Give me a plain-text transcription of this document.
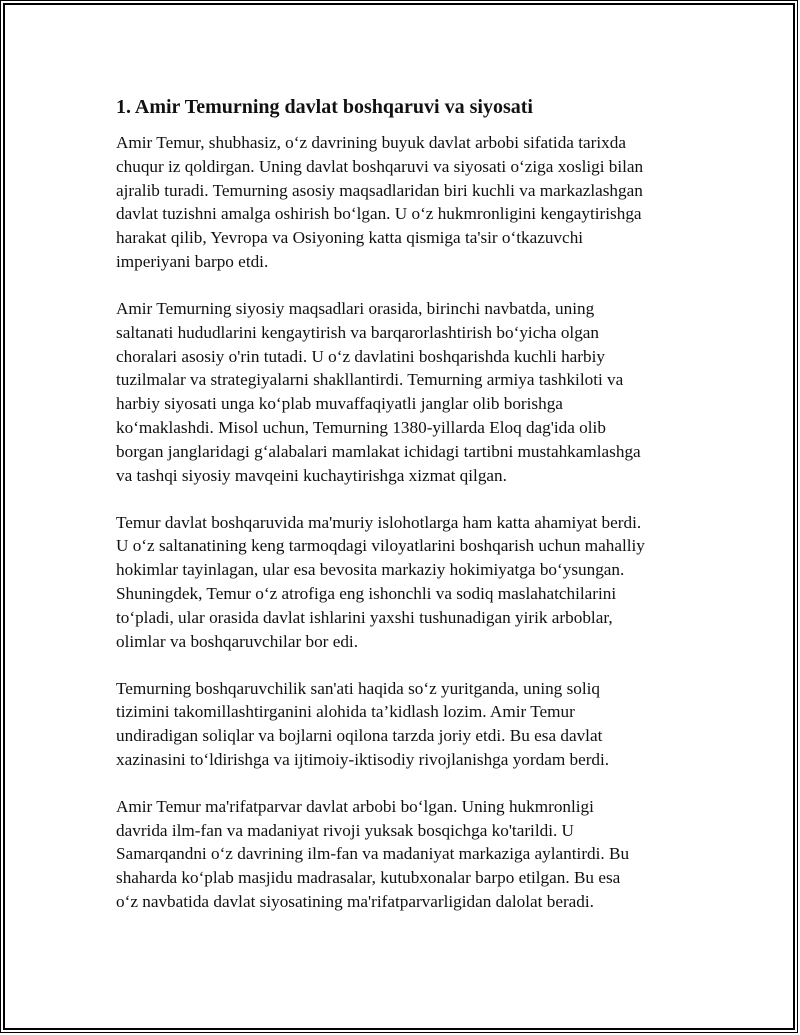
1. Amir Temurning davlat boshqaruvi va siyosati
Amir Temur, shubhasiz, o‘z davrining buyuk davlat arbobi sifatida tarixda
chuqur iz qoldirgan. Uning davlat boshqaruvi va siyosati o‘ziga xosligi bilan
ajralib turadi. Temurning asosiy maqsadlaridan biri kuchli va markazlashgan
davlat tuzishni amalga oshirish bo‘lgan. U o‘z hukmronligini kengaytirishga
harakat qilib, Yevropa va Osiyoning katta qismiga ta'sir o‘tkazuvchi
imperiyani barpo etdi.
Amir Temurning siyosiy maqsadlari orasida, birinchi navbatda, uning
saltanati hududlarini kengaytirish va barqarorlashtirish bo‘yicha olgan
choralari asosiy o'rin tutadi. U o‘z davlatini boshqarishda kuchli harbiy
tuzilmalar va strategiyalarni shakllantirdi. Temurning armiya tashkiloti va
harbiy siyosati unga ko‘plab muvaffaqiyatli janglar olib borishga
ko‘maklashdi. Misol uchun, Temurning 1380-yillarda Eloq dag'ida olib
borgan janglaridagi g‘alabalari mamlakat ichidagi tartibni mustahkamlashga
va tashqi siyosiy mavqeini kuchaytirishga xizmat qilgan.
Temur davlat boshqaruvida ma'muriy islohotlarga ham katta ahamiyat berdi.
U o‘z saltanatining keng tarmoqdagi viloyatlarini boshqarish uchun mahalliy
hokimlar tayinlagan, ular esa bevosita markaziy hokimiyatga bo‘ysungan.
Shuningdek, Temur o‘z atrofiga eng ishonchli va sodiq maslahatchilarini
to‘pladi, ular orasida davlat ishlarini yaxshi tushunadigan yirik arboblar,
olimlar va boshqaruvchilar bor edi.
Temurning boshqaruvchilik san'ati haqida so‘z yuritganda, uning soliq
tizimini takomillashtirganini alohida ta’kidlash lozim. Amir Temur
undiradigan soliqlar va bojlarni oqilona tarzda joriy etdi. Bu esa davlat
xazinasini to‘ldirishga va ijtimoiy-iktisodiy rivojlanishga yordam berdi.
Amir Temur ma'rifatparvar davlat arbobi bo‘lgan. Uning hukmronligi
davrida ilm-fan va madaniyat rivoji yuksak bosqichga ko'tarildi. U
Samarqandni o‘z davrining ilm-fan va madaniyat markaziga aylantirdi. Bu
shaharda ko‘plab masjidu madrasalar, kutubxonalar barpo etilgan. Bu esa
o‘z navbatida davlat siyosatining ma'rifatparvarligidan dalolat beradi.
